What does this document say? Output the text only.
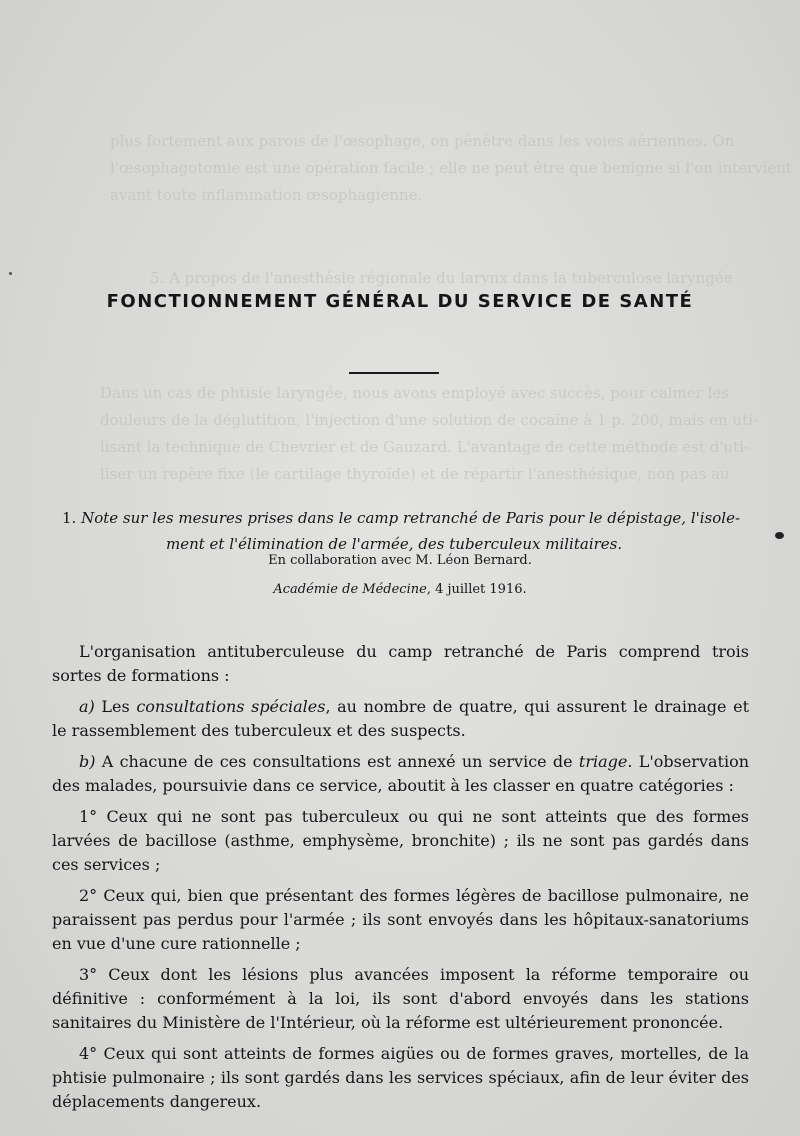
plus fortement aux parois de l'œsophage, on pénètre dans les voies aériennes. On
l'œsophagotomie est une opération facile ; elle ne peut être que benigne si l'on intervient
avant toute inflammation œsophagienne.
5. A propos de l'anesthésie régionale du larynx dans la tuberculose laryngée
Dans un cas de phtisie laryngée, nous avons employé avec succès, pour calmer les
douleurs de la déglutition, l'injection d'une solution de cocaïne à 1 p. 200, mais en uti-
lisant la technique de Chevrier et de Gauzard. L'avantage de cette méthode est d'uti-
liser un repère fixe (le cartilage thyroïde) et de répartir l'anesthésique, non pas au
FONCTIONNEMENT GÉNÉRAL DU SERVICE DE SANTÉ
1. Note sur les mesures prises dans le camp retranché de Paris pour le dépistage, l'isole-
ment et l'élimination de l'armée, des tuberculeux militaires.
En collaboration avec M. Léon Bernard.
Académie de Médecine, 4 juillet 1916.

L'organisation antituberculeuse du camp retranché de Paris comprend trois sortes de formations :

a) Les consultations spéciales, au nombre de quatre, qui assurent le drainage et le rassemblement des tuberculeux et des suspects.

b) A chacune de ces consultations est annexé un service de triage. L'observation des malades, poursuivie dans ce service, aboutit à les classer en quatre catégories :

1° Ceux qui ne sont pas tuberculeux ou qui ne sont atteints que des formes larvées de bacillose (asthme, emphysème, bronchite) ; ils ne sont pas gardés dans ces services ;

2° Ceux qui, bien que présentant des formes légères de bacillose pulmonaire, ne paraissent pas perdus pour l'armée ; ils sont envoyés dans les hôpitaux-sanatoriums en vue d'une cure rationnelle ;

3° Ceux dont les lésions plus avancées imposent la réforme temporaire ou définitive : conformément à la loi, ils sont d'abord envoyés dans les stations sanitaires du Ministère de l'Intérieur, où la réforme est ultérieurement prononcée.

4° Ceux qui sont atteints de formes aigües ou de formes graves, mortelles, de la phtisie pulmonaire ; ils sont gardés dans les services spéciaux, afin de leur éviter des déplacements dangereux.
